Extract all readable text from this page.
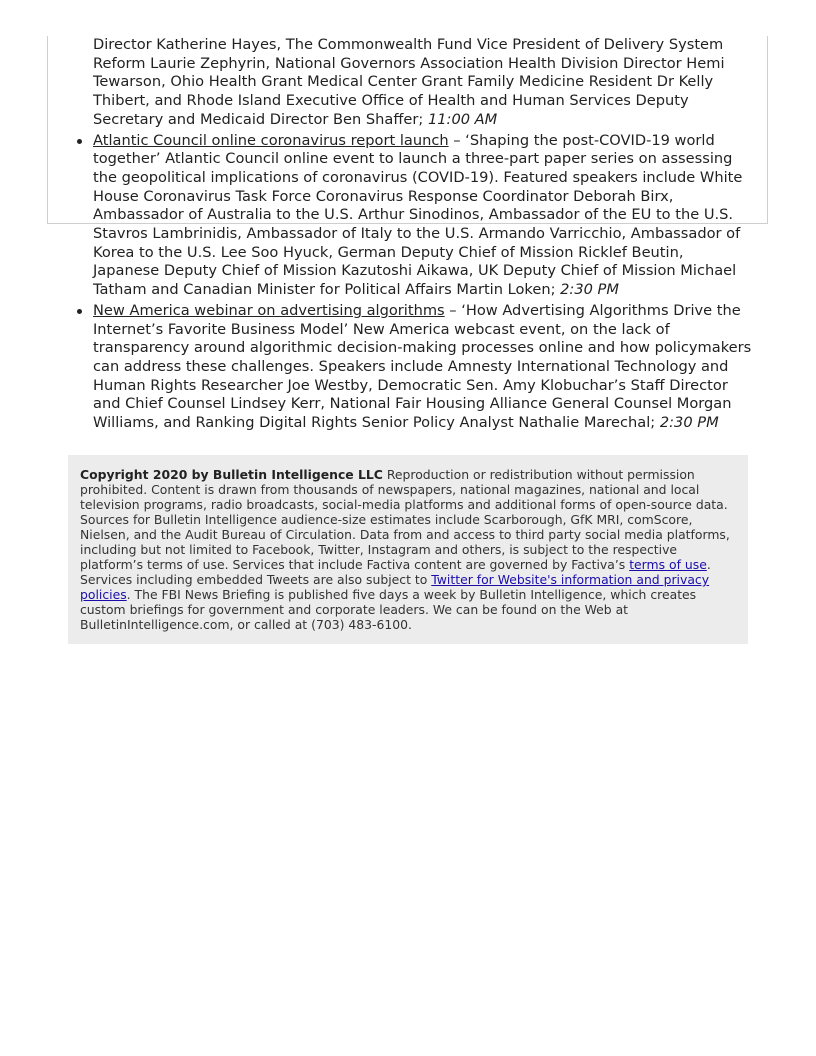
Director Katherine Hayes, The Commonwealth Fund Vice President of Delivery System Reform Laurie Zephyrin, National Governors Association Health Division Director Hemi Tewarson, Ohio Health Grant Medical Center Grant Family Medicine Resident Dr Kelly Thibert, and Rhode Island Executive Office of Health and Human Services Deputy Secretary and Medicaid Director Ben Shaffer; 11:00 AM
Atlantic Council online coronavirus report launch – ‘Shaping the post-COVID-19 world together’ Atlantic Council online event to launch a three-part paper series on assessing the geopolitical implications of coronavirus (COVID-19). Featured speakers include White House Coronavirus Task Force Coronavirus Response Coordinator Deborah Birx, Ambassador of Australia to the U.S. Arthur Sinodinos, Ambassador of the EU to the U.S. Stavros Lambrinidis, Ambassador of Italy to the U.S. Armando Varricchio, Ambassador of Korea to the U.S. Lee Soo Hyuck, German Deputy Chief of Mission Ricklef Beutin, Japanese Deputy Chief of Mission Kazutoshi Aikawa, UK Deputy Chief of Mission Michael Tatham and Canadian Minister for Political Affairs Martin Loken; 2:30 PM
New America webinar on advertising algorithms – ‘How Advertising Algorithms Drive the Internet’s Favorite Business Model’ New America webcast event, on the lack of transparency around algorithmic decision-making processes online and how policymakers can address these challenges. Speakers include Amnesty International Technology and Human Rights Researcher Joe Westby, Democratic Sen. Amy Klobuchar’s Staff Director and Chief Counsel Lindsey Kerr, National Fair Housing Alliance General Counsel Morgan Williams, and Ranking Digital Rights Senior Policy Analyst Nathalie Marechal; 2:30 PM
Copyright 2020 by Bulletin Intelligence LLC Reproduction or redistribution without permission prohibited. Content is drawn from thousands of newspapers, national magazines, national and local television programs, radio broadcasts, social-media platforms and additional forms of open-source data. Sources for Bulletin Intelligence audience-size estimates include Scarborough, GfK MRI, comScore, Nielsen, and the Audit Bureau of Circulation. Data from and access to third party social media platforms, including but not limited to Facebook, Twitter, Instagram and others, is subject to the respective platform’s terms of use. Services that include Factiva content are governed by Factiva’s terms of use. Services including embedded Tweets are also subject to Twitter for Website's information and privacy policies. The FBI News Briefing is published five days a week by Bulletin Intelligence, which creates custom briefings for government and corporate leaders. We can be found on the Web at BulletinIntelligence.com, or called at (703) 483-6100.
